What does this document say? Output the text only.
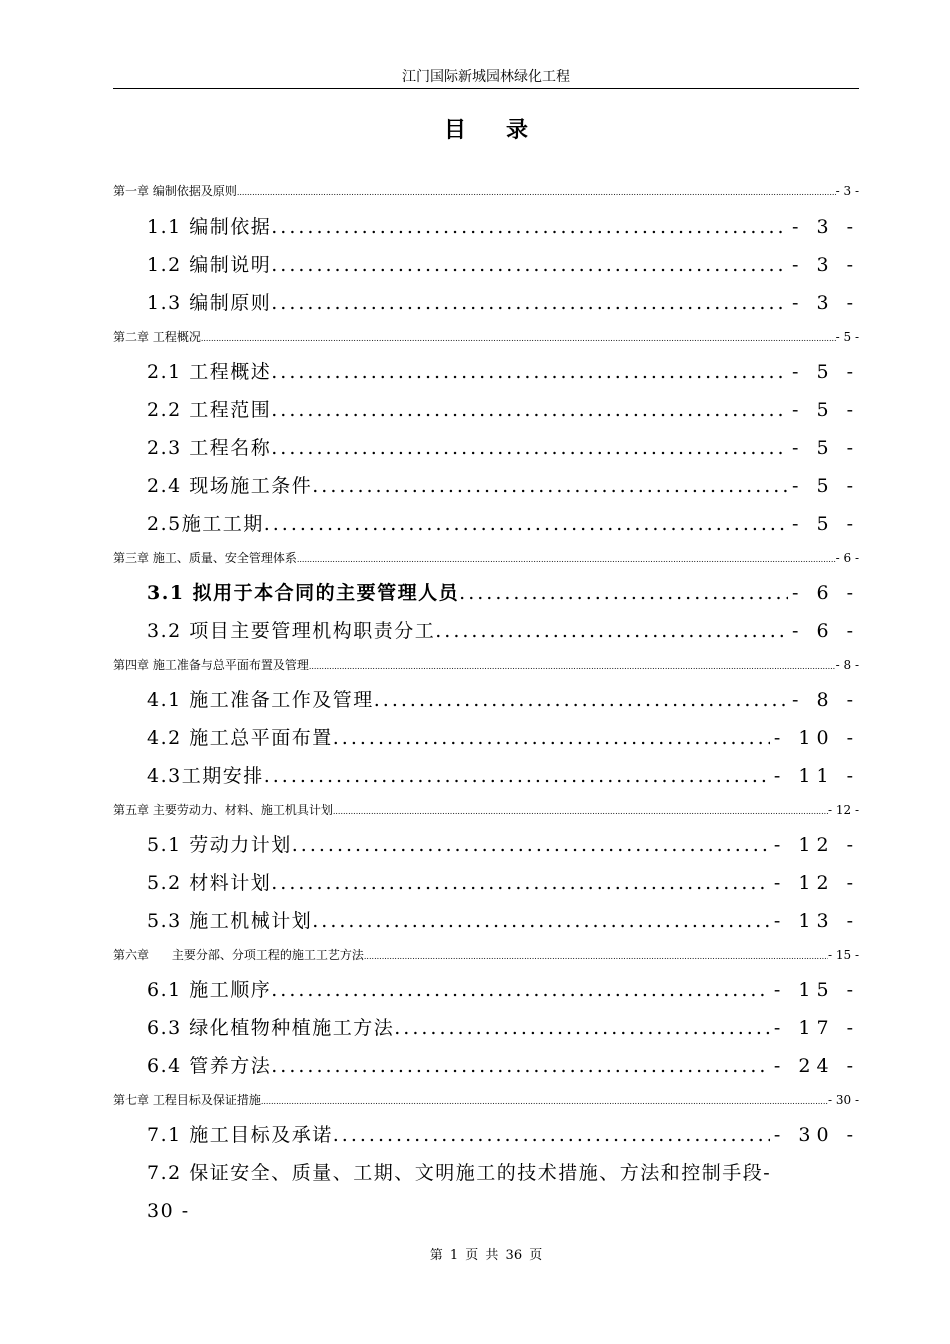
江门国际新城园林绿化工程
目录
第一章 编制依据及原则 .....	- 3 -
1.1 编制依据 .....	- 3 -
1.2 编制说明 .....	- 3 -
1.3 编制原则 .....	- 3 -
第二章 工程概况 .....	- 5 -
2.1 工程概述 .....	- 5 -
2.2 工程范围 .....	- 5 -
2.3 工程名称 .....	- 5 -
2.4 现场施工条件 .....	- 5 -
2.5施工工期 .....	- 5 -
第三章 施工、质量、安全管理体系 .....	- 6 -
3.1 拟用于本合同的主要管理人员 .....	- 6 -
3.2 项目主要管理机构职责分工 .....	- 6 -
第四章 施工准备与总平面布置及管理 .....	- 8 -
4.1 施工准备工作及管理 .....	- 8 -
4.2 施工总平面布置 .....	- 10 -
4.3工期安排 .....	- 11 -
第五章 主要劳动力、材料、施工机具计划 .....	- 12 -
5.1 劳动力计划 .....	- 12 -
5.2 材料计划 .....	- 12 -
5.3 施工机械计划 .....	- 13 -
第六章      主要分部、分项工程的施工工艺方法 .....	- 15 -
6.1 施工顺序 .....	- 15 -
6.3 绿化植物种植施工方法 .....	- 17 -
6.4 管养方法 .....	- 24 -
第七章 工程目标及保证措施 .....	- 30 -
7.1 施工目标及承诺 .....	- 30 -
7.2 保证安全、质量、工期、文明施工的技术措施、方法和控制手段-
30 -
第 1 页 共 36 页
